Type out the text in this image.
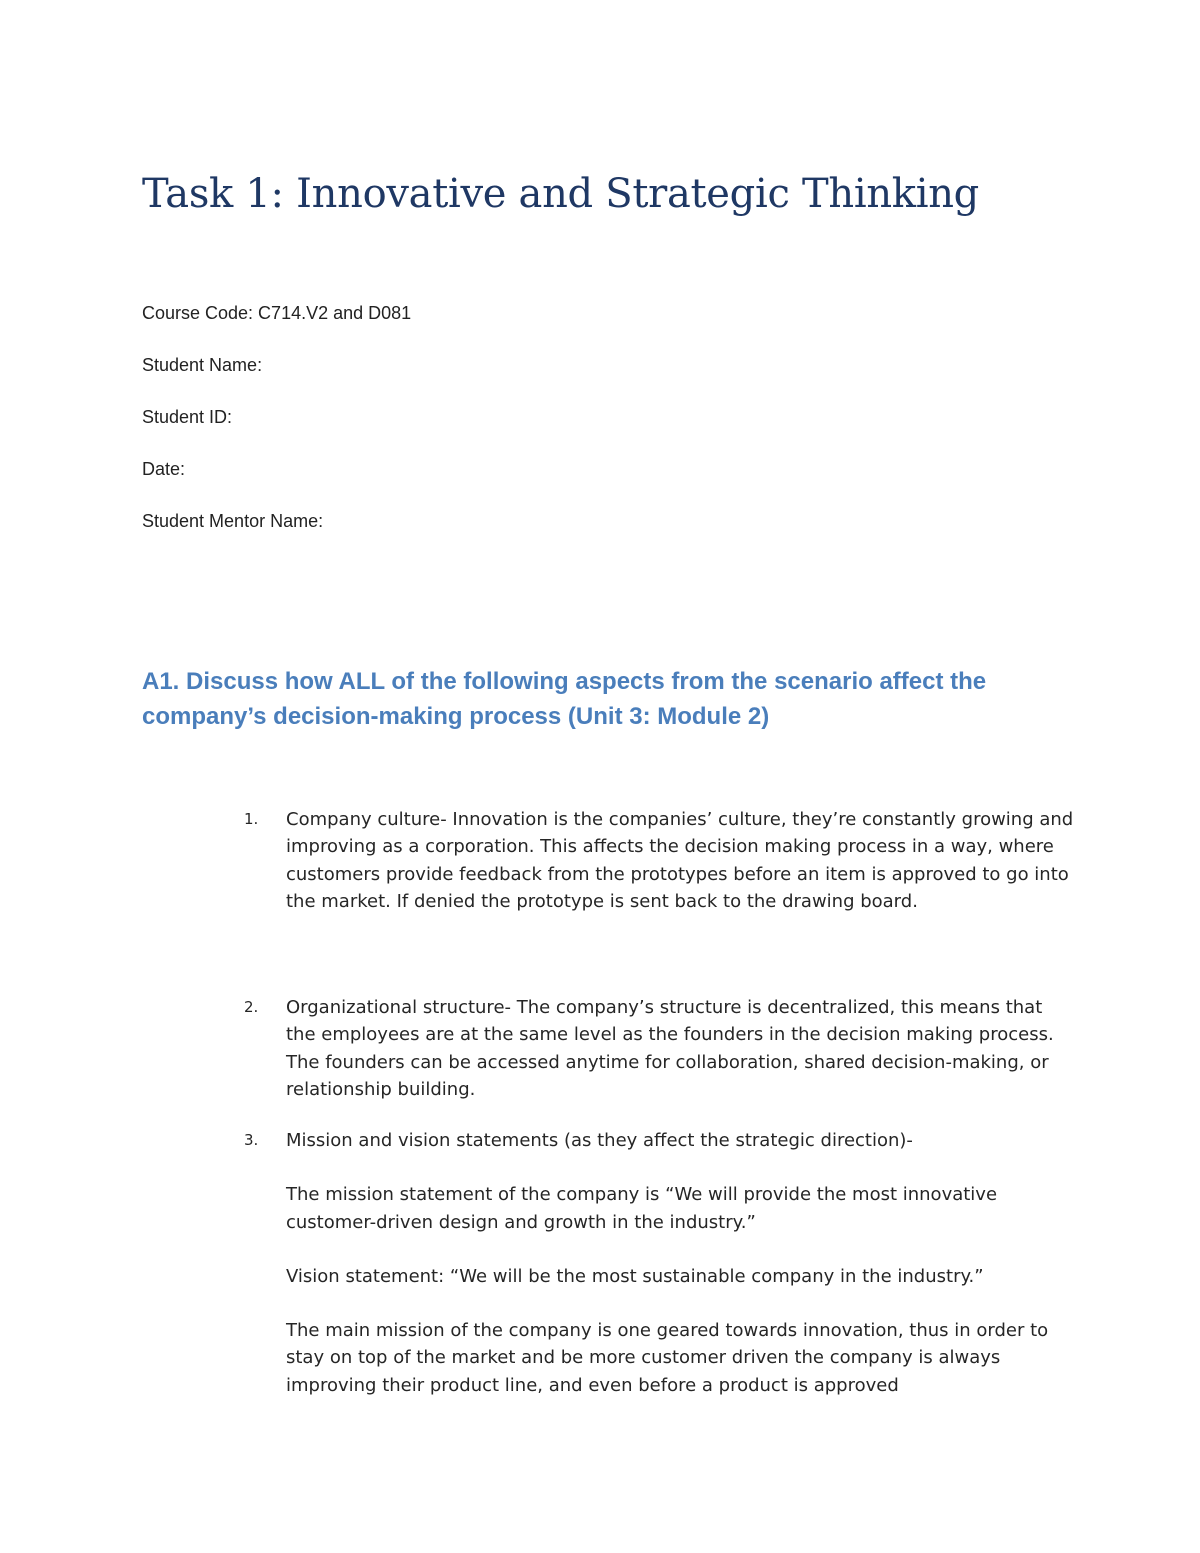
Task 1: Innovative and Strategic Thinking
Course Code: C714.V2 and D081
Student Name:
Student ID:
Date:
Student Mentor Name:
A1. Discuss how ALL of the following aspects from the scenario affect the company’s decision-making process (Unit 3: Module 2)
1.	Company culture- Innovation is the companies’ culture, they’re constantly growing and improving as a corporation. This affects the decision making process in a way, where customers provide feedback from the prototypes before an item is approved to go into the market. If denied the prototype is sent back to the drawing board.

2.	Organizational structure- The company’s structure is decentralized, this means that the employees are at the same level as the founders in the decision making process. The founders can be accessed anytime for collaboration, shared decision-making, or relationship building.

3.	Mission and vision statements (as they affect the strategic direction)-

The mission statement of the company is “We will provide the most innovative customer-driven design and growth in the industry.”

Vision statement: “We will be the most sustainable company in the industry.”

The main mission of the company is one geared towards innovation, thus in order to stay on top of the market and be more customer driven the company is always improving their product line, and even before a product is approved
